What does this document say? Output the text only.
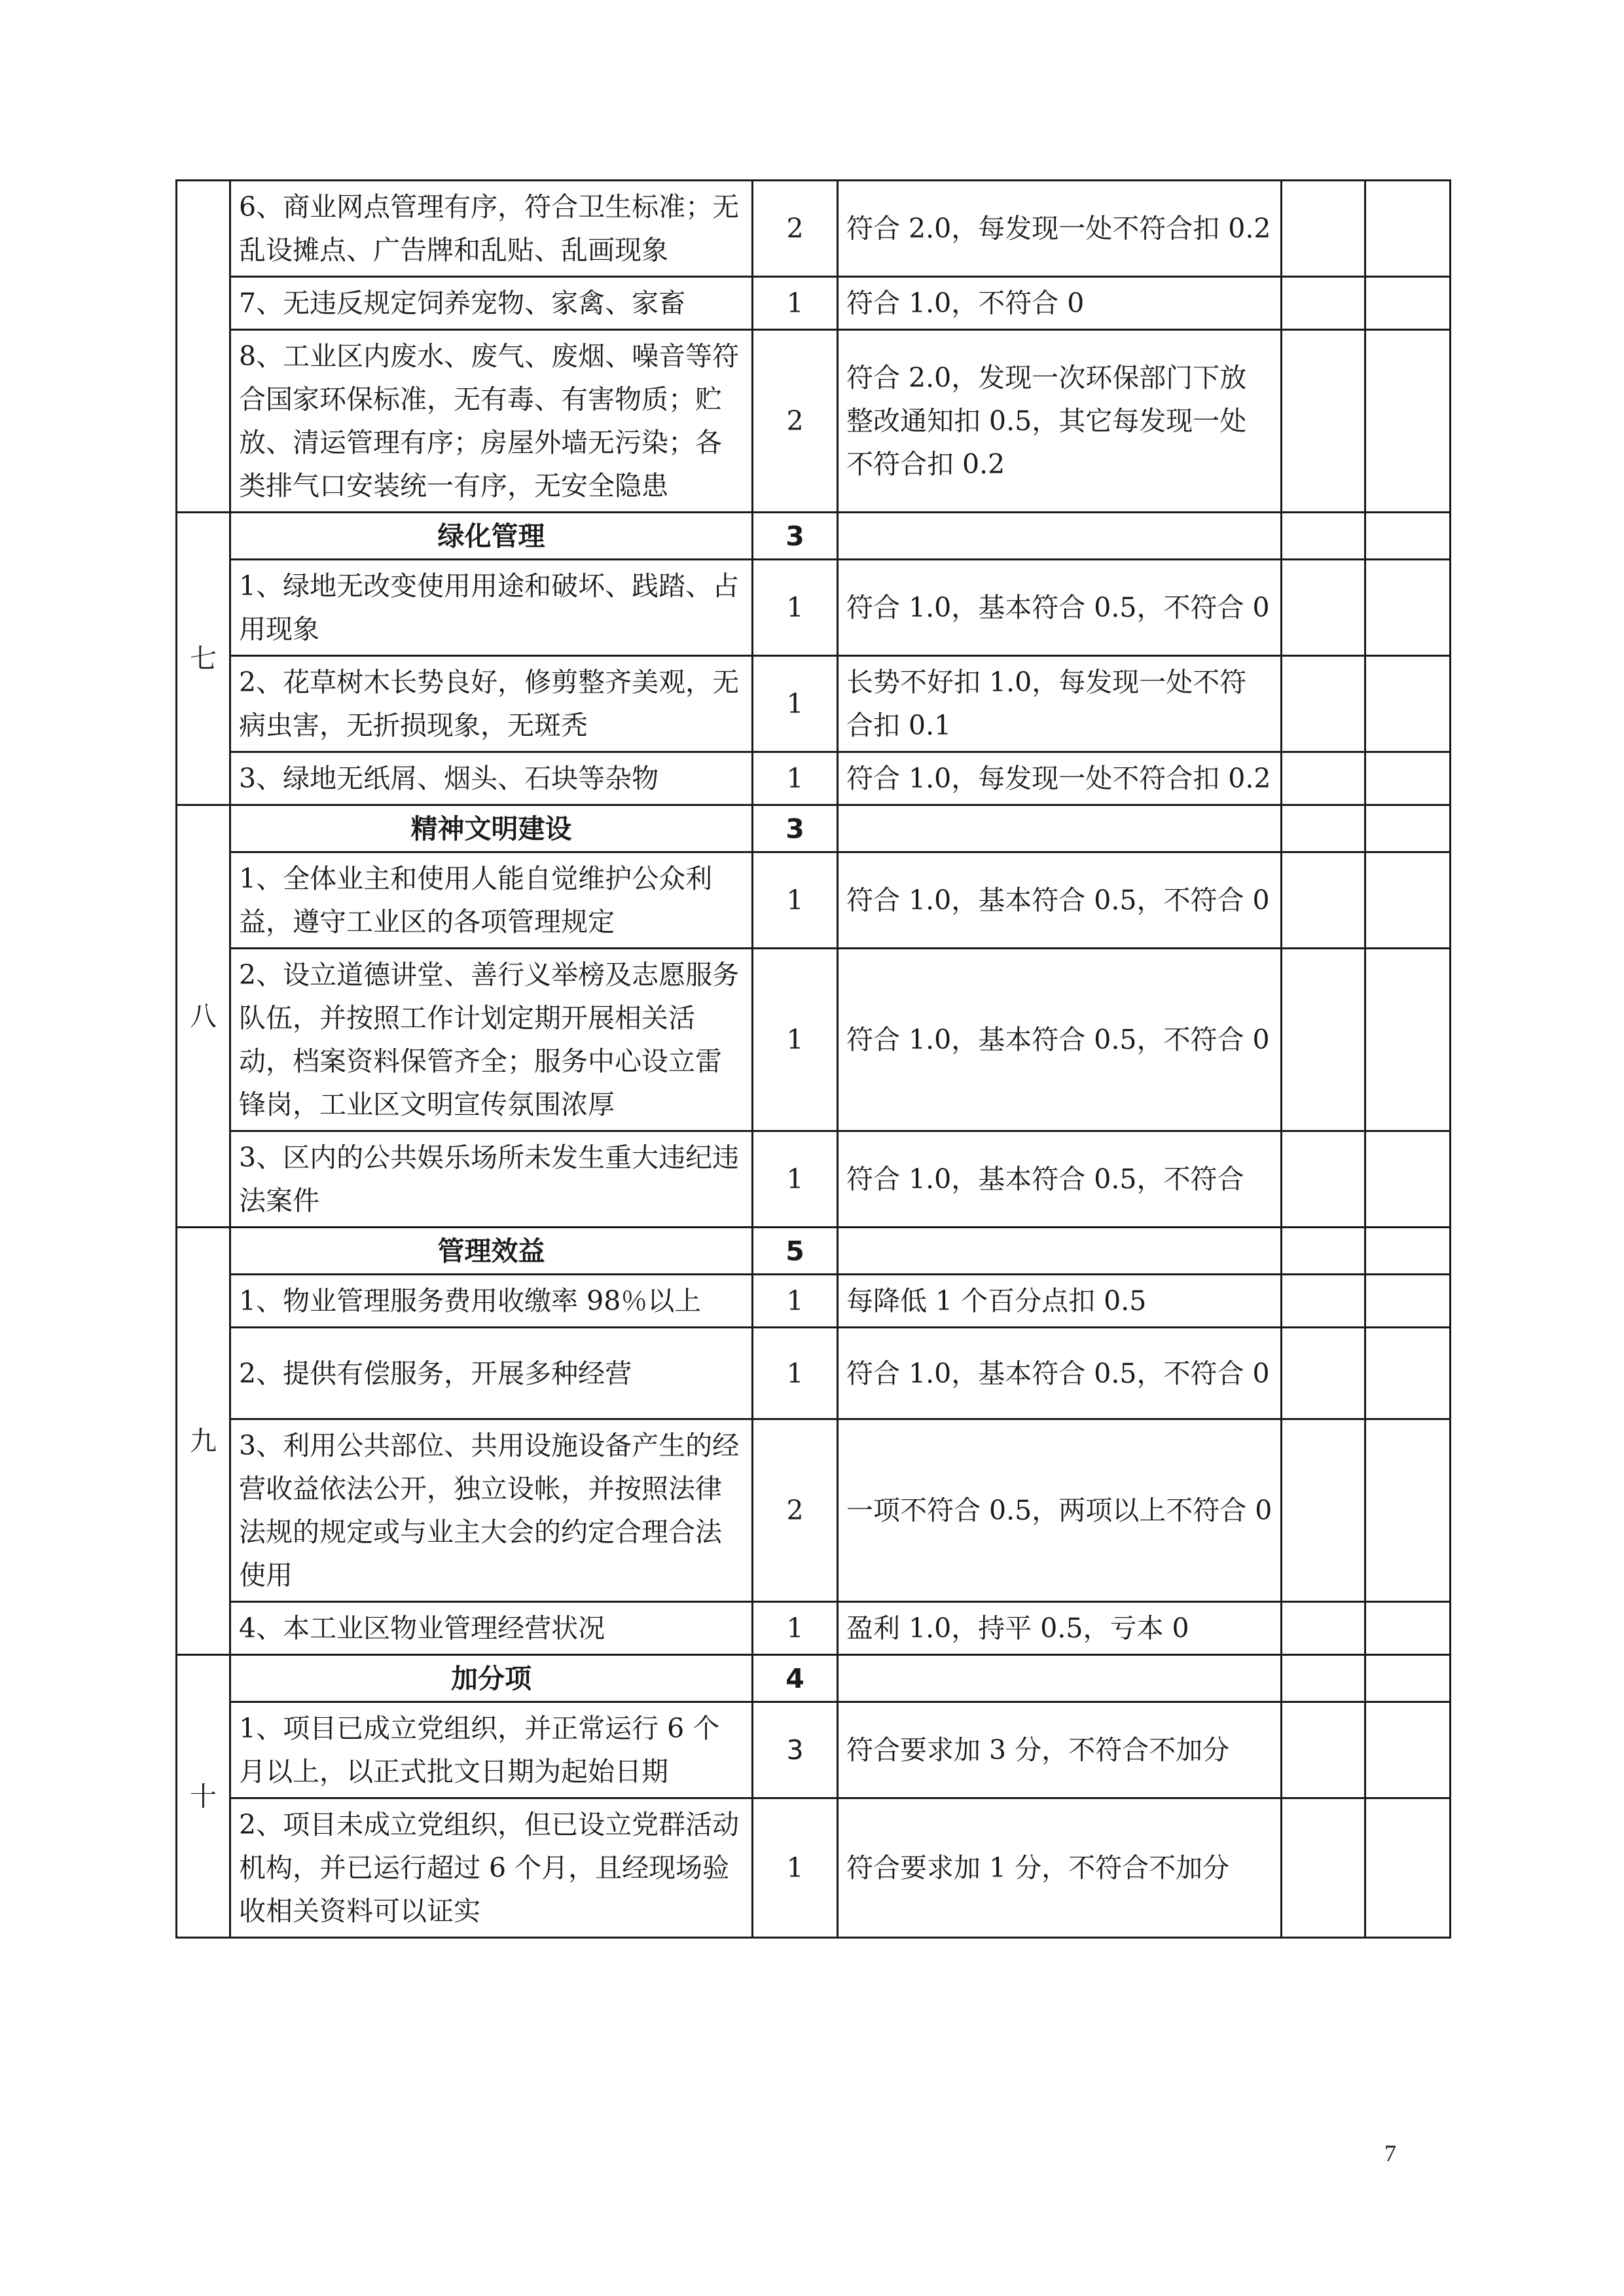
	6、商业网点管理有序，符合卫生标准；无乱设摊点、广告牌和乱贴、乱画现象	2	符合 2.0，每发现一处不符合扣 0.2		
	7、无违反规定饲养宠物、家禽、家畜	1	符合 1.0，不符合 0		
	8、工业区内废水、废气、废烟、噪音等符合国家环保标准，无有毒、有害物质；贮放、清运管理有序；房屋外墙无污染；各类排气口安装统一有序，无安全隐患	2	符合 2.0，发现一次环保部门下放整改通知扣 0.5，其它每发现一处不符合扣 0.2		
七	绿化管理	3			
	1、绿地无改变使用用途和破坏、践踏、占用现象	1	符合 1.0，基本符合 0.5，不符合 0		
	2、花草树木长势良好，修剪整齐美观，无病虫害，无折损现象，无斑秃	1	长势不好扣 1.0，每发现一处不符合扣 0.1		
	3、绿地无纸屑、烟头、石块等杂物	1	符合 1.0，每发现一处不符合扣 0.2		
八	精神文明建设	3			
	1、全体业主和使用人能自觉维护公众利益，遵守工业区的各项管理规定	1	符合 1.0，基本符合 0.5，不符合 0		
	2、设立道德讲堂、善行义举榜及志愿服务队伍，并按照工作计划定期开展相关活动，档案资料保管齐全；服务中心设立雷锋岗，工业区文明宣传氛围浓厚	1	符合 1.0，基本符合 0.5，不符合 0		
	3、区内的公共娱乐场所未发生重大违纪违法案件	1	符合 1.0，基本符合 0.5，不符合		
九	管理效益	5			
	1、物业管理服务费用收缴率 98％以上	1	每降低 1 个百分点扣 0.5		
	2、提供有偿服务，开展多种经营	1	符合 1.0，基本符合 0.5，不符合 0		
	3、利用公共部位、共用设施设备产生的经营收益依法公开，独立设帐，并按照法律法规的规定或与业主大会的约定合理合法使用	2	一项不符合 0.5，两项以上不符合 0		
	4、本工业区物业管理经营状况	1	盈利 1.0，持平 0.5，亏本 0		
十	加分项	4			
	1、项目已成立党组织，并正常运行 6 个月以上，以正式批文日期为起始日期	3	符合要求加 3 分，不符合不加分		
	2、项目未成立党组织，但已设立党群活动机构，并已运行超过 6 个月，且经现场验收相关资料可以证实	1	符合要求加 1 分，不符合不加分		
7
